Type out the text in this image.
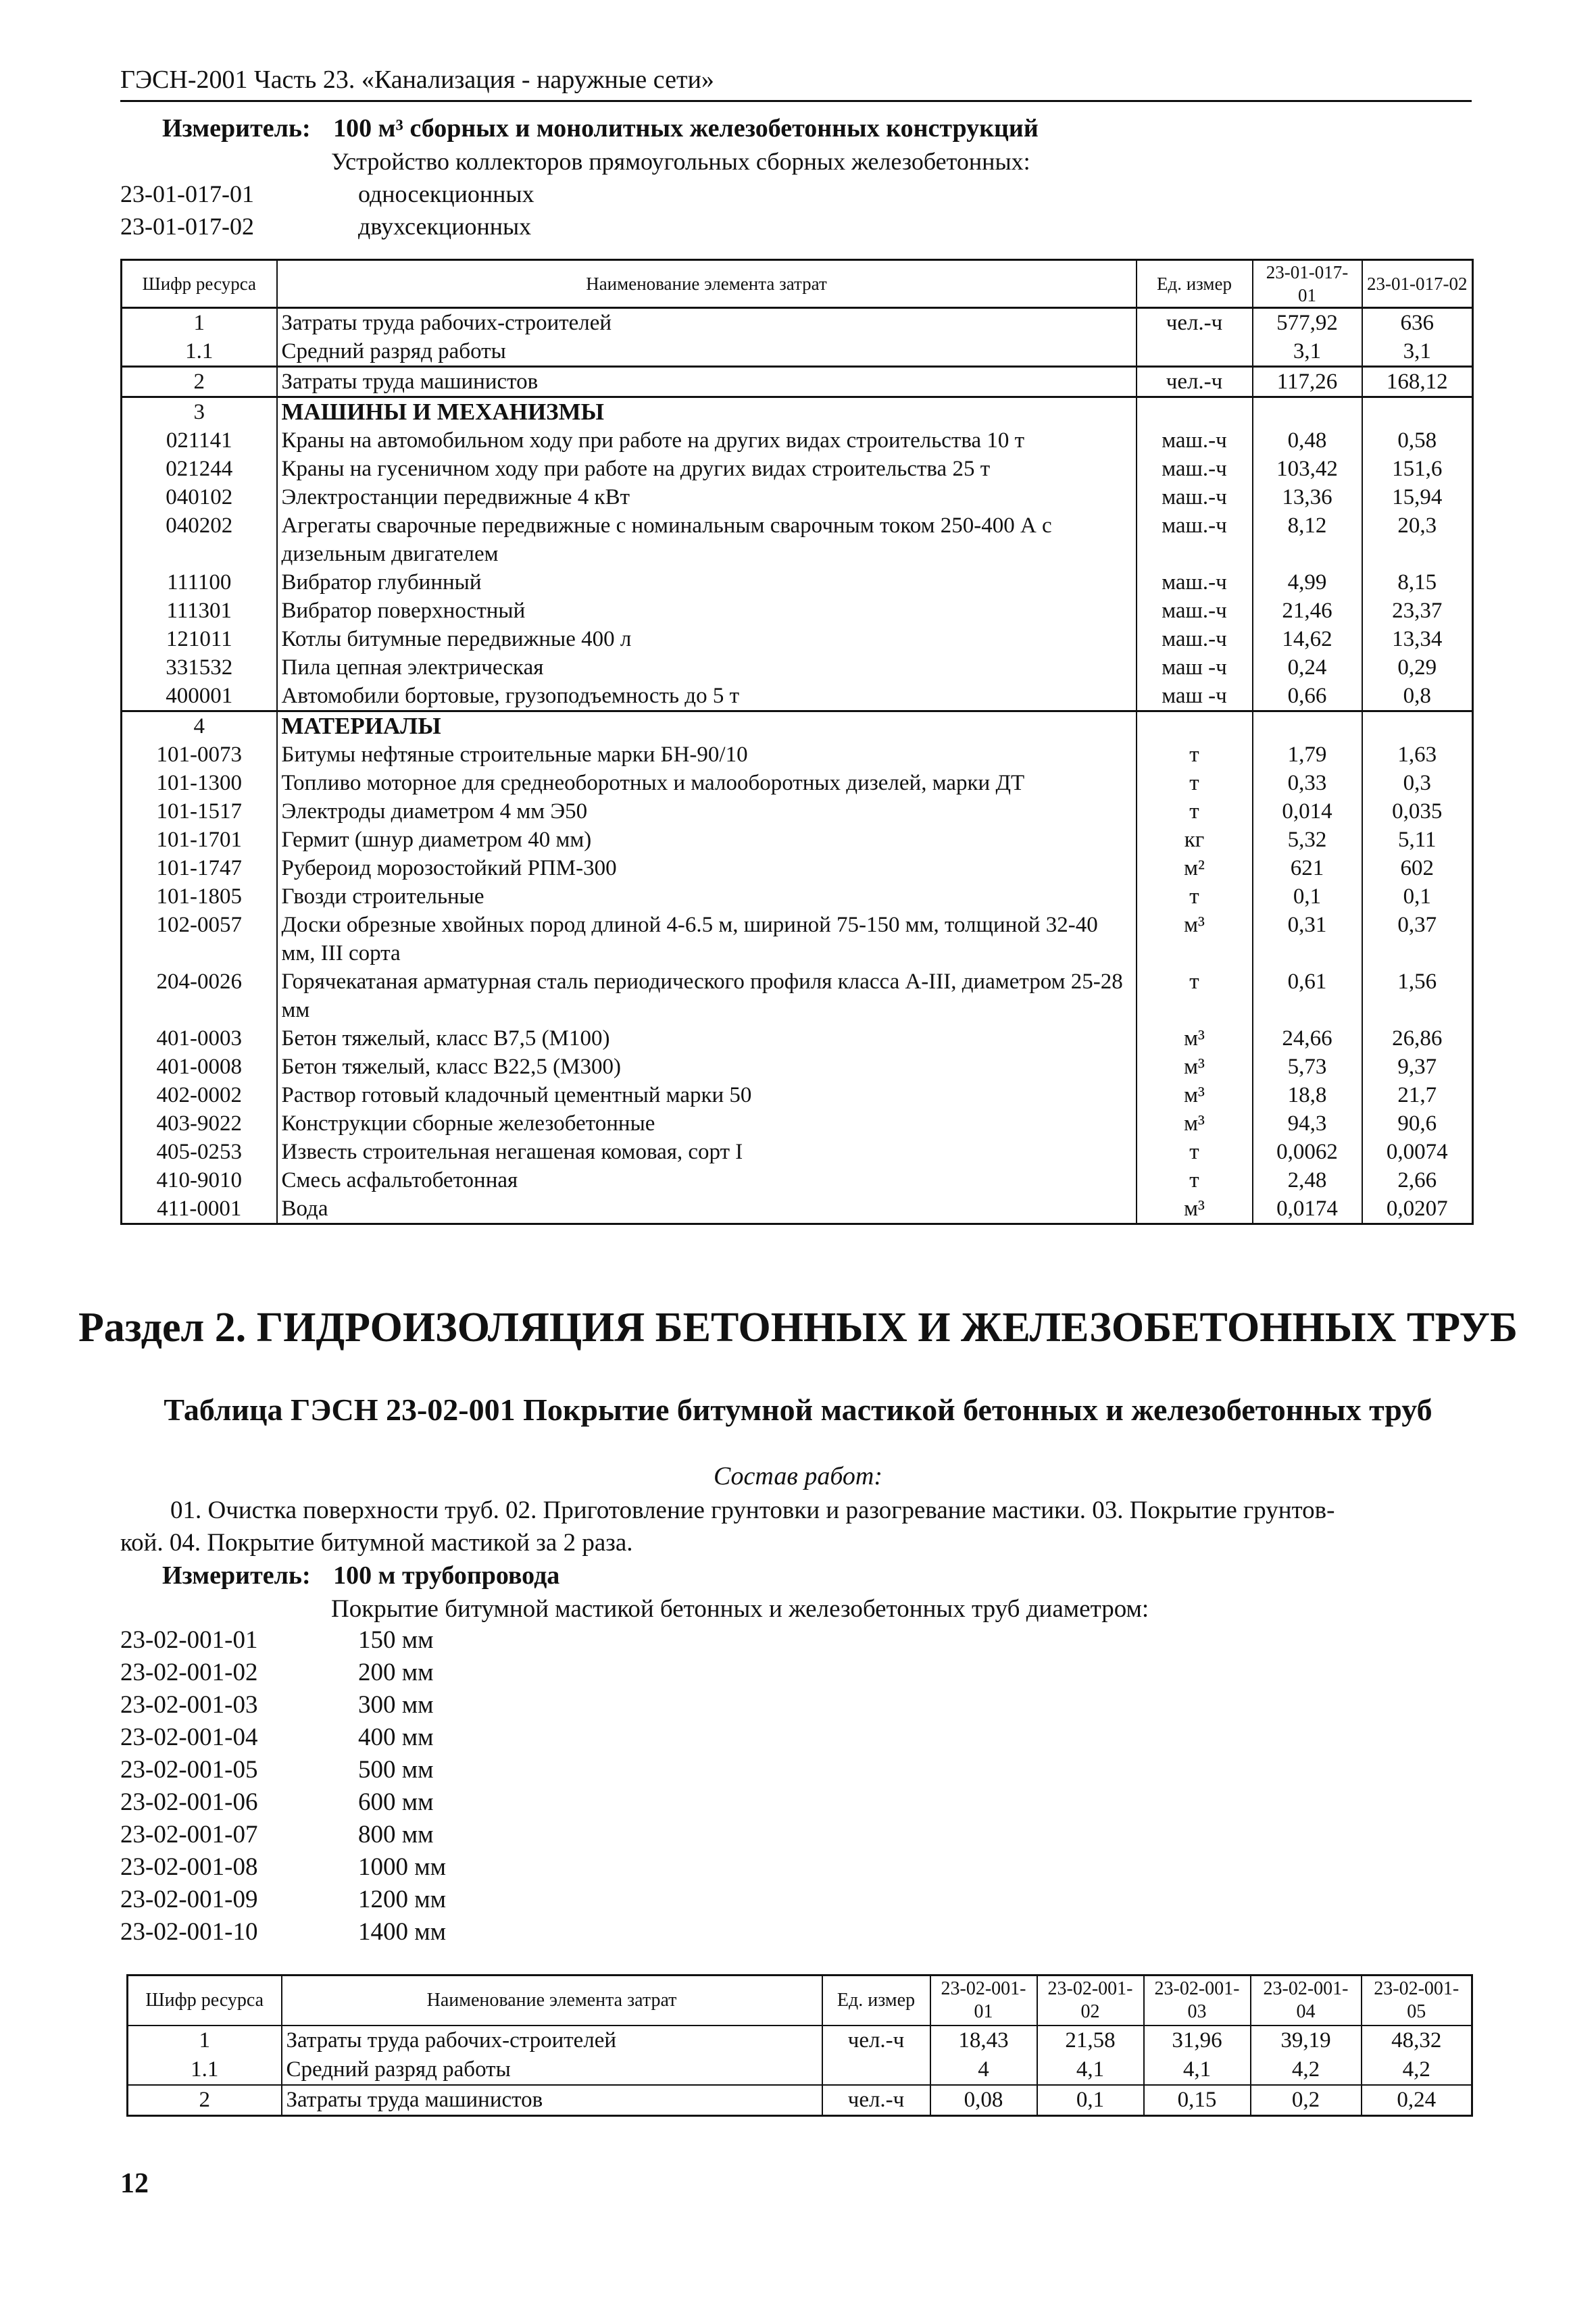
ГЭСН-2001 Часть 23. «Канализация - наружные сети»
Измеритель: 100 м³ сборных и монолитных железобетонных конструкций
Устройство коллекторов прямоугольных сборных железобетонных:
23-01-017-01	односекционных
23-01-017-02	двухсекционных
Шифр ресурса	Наименование элемента затрат	Ед. измер	23-01-017-01	23-01-017-02
1	Затраты труда рабочих-строителей	чел.-ч	577,92	636
1.1	Средний разряд работы		3,1	3,1
2	Затраты труда машинистов	чел.-ч	117,26	168,12
3	МАШИНЫ И МЕХАНИЗМЫ			
021141	Краны на автомобильном ходу при работе на других видах строительства 10 т	маш.-ч	0,48	0,58
021244	Краны на гусеничном ходу при работе на других видах строительства 25 т	маш.-ч	103,42	151,6
040102	Электростанции передвижные 4 кВт	маш.-ч	13,36	15,94
040202	Агрегаты сварочные передвижные с номинальным сварочным током 250-400 А с дизельным двигателем	маш.-ч	8,12	20,3
111100	Вибратор глубинный	маш.-ч	4,99	8,15
111301	Вибратор поверхностный	маш.-ч	21,46	23,37
121011	Котлы битумные передвижные 400 л	маш.-ч	14,62	13,34
331532	Пила цепная электрическая	маш -ч	0,24	0,29
400001	Автомобили бортовые, грузоподъемность до 5 т	маш -ч	0,66	0,8
4	МАТЕРИАЛЫ			
101-0073	Битумы нефтяные строительные марки БН-90/10	т	1,79	1,63
101-1300	Топливо моторное для среднеоборотных и малооборотных дизелей, марки ДТ	т	0,33	0,3
101-1517	Электроды диаметром 4 мм Э50	т	0,014	0,035
101-1701	Гермит (шнур диаметром 40 мм)	кг	5,32	5,11
101-1747	Рубероид морозостойкий РПМ-300	м²	621	602
101-1805	Гвозди строительные	т	0,1	0,1
102-0057	Доски обрезные хвойных пород длиной 4-6.5 м, шириной 75-150 мм, толщиной 32-40 мм, III сорта	м³	0,31	0,37
204-0026	Горячекатаная арматурная сталь периодического профиля класса А-III, диаметром 25-28 мм	т	0,61	1,56
401-0003	Бетон тяжелый, класс В7,5 (М100)	м³	24,66	26,86
401-0008	Бетон тяжелый, класс В22,5 (М300)	м³	5,73	9,37
402-0002	Раствор готовый кладочный цементный марки 50	м³	18,8	21,7
403-9022	Конструкции сборные железобетонные	м³	94,3	90,6
405-0253	Известь строительная негашеная комовая, сорт I	т	0,0062	0,0074
410-9010	Смесь асфальтобетонная	т	2,48	2,66
411-0001	Вода	м³	0,0174	0,0207
Раздел 2. ГИДРОИЗОЛЯЦИЯ БЕТОННЫХ И ЖЕЛЕЗОБЕТОННЫХ ТРУБ
Таблица ГЭСН 23-02-001 Покрытие битумной мастикой бетонных и железобетонных труб
Состав работ:
01. Очистка поверхности труб. 02. Приготовление грунтовки и разогревание мастики. 03. Покрытие грунтов-
кой. 04. Покрытие битумной мастикой за 2 раза.
Измеритель: 100 м трубопровода
Покрытие битумной мастикой бетонных и железобетонных труб диаметром:
23-02-001-01	150 мм
23-02-001-02	200 мм
23-02-001-03	300 мм
23-02-001-04	400 мм
23-02-001-05	500 мм
23-02-001-06	600 мм
23-02-001-07	800 мм
23-02-001-08	1000 мм
23-02-001-09	1200 мм
23-02-001-10	1400 мм
Шифр ресурса	Наименование элемента затрат	Ед. измер	23-02-001-01	23-02-001-02	23-02-001-03	23-02-001-04	23-02-001-05
1	Затраты труда рабочих-строителей	чел.-ч	18,43	21,58	31,96	39,19	48,32
1.1	Средний разряд работы		4	4,1	4,1	4,2	4,2
2	Затраты труда машинистов	чел.-ч	0,08	0,1	0,15	0,2	0,24
12
